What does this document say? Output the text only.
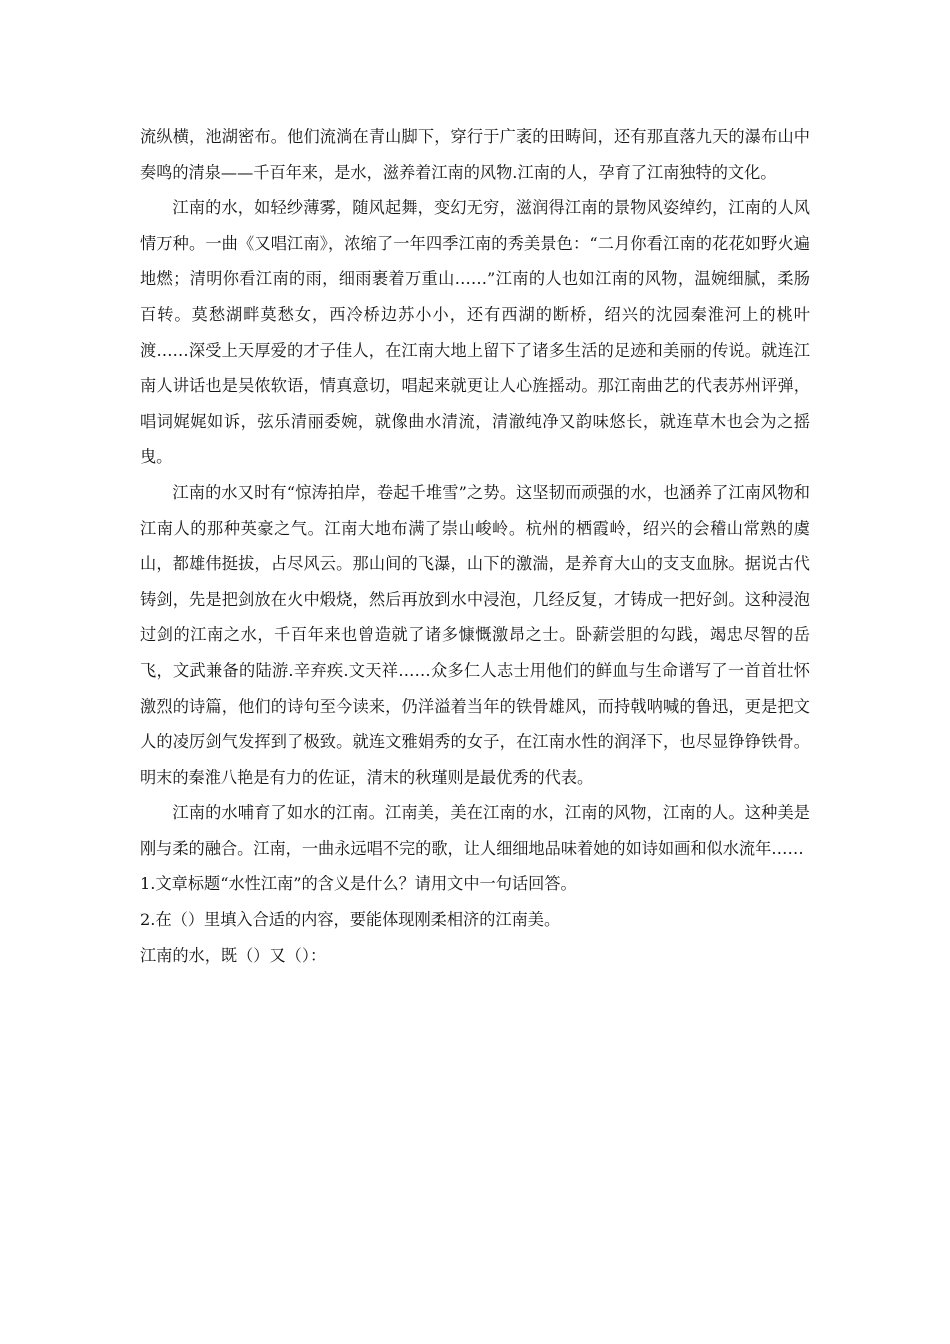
流纵横，池湖密布。他们流淌在青山脚下，穿行于广袤的田畴间，还有那直落九天的瀑布山中奏鸣的清泉——千百年来，是水，滋养着江南的风物.江南的人，孕育了江南独特的文化。

江南的水，如轻纱薄雾，随风起舞，变幻无穷，滋润得江南的景物风姿绰约，江南的人风情万种。一曲《又唱江南》，浓缩了一年四季江南的秀美景色：“二月你看江南的花花如野火遍地燃；清明你看江南的雨，细雨裹着万重山……”江南的人也如江南的风物，温婉细腻，柔肠百转。莫愁湖畔莫愁女，西冷桥边苏小小，还有西湖的断桥，绍兴的沈园秦淮河上的桃叶渡……深受上天厚爱的才子佳人，在江南大地上留下了诸多生活的足迹和美丽的传说。就连江南人讲话也是吴侬软语，情真意切，唱起来就更让人心旌摇动。那江南曲艺的代表苏州评弹，唱词娓娓如诉，弦乐清丽委婉，就像曲水清流，清澈纯净又韵味悠长，就连草木也会为之摇曳。

江南的水又时有“惊涛拍岸，卷起千堆雪”之势。这坚韧而顽强的水，也涵养了江南风物和江南人的那种英豪之气。江南大地布满了崇山峻岭。杭州的栖霞岭，绍兴的会稽山常熟的虞山，都雄伟挺拔，占尽风云。那山间的飞瀑，山下的激湍，是养育大山的支支血脉。据说古代铸剑，先是把剑放在火中煅烧，然后再放到水中浸泡，几经反复，才铸成一把好剑。这种浸泡过剑的江南之水，千百年来也曾造就了诸多慷慨激昂之士。卧薪尝胆的勾践，竭忠尽智的岳飞，文武兼备的陆游.辛弃疾.文天祥……众多仁人志士用他们的鲜血与生命谱写了一首首壮怀激烈的诗篇，他们的诗句至今读来，仍洋溢着当年的铁骨雄风，而持戟呐喊的鲁迅，更是把文人的凌厉剑气发挥到了极致。就连文雅娟秀的女子，在江南水性的润泽下，也尽显铮铮铁骨。明末的秦淮八艳是有力的佐证，清末的秋瑾则是最优秀的代表。

江南的水哺育了如水的江南。江南美，美在江南的水，江南的风物，江南的人。这种美是刚与柔的融合。江南，一曲永远唱不完的歌，让人细细地品味着她的如诗如画和似水流年……

1.文章标题“水性江南”的含义是什么？请用文中一句话回答。

2.在（）里填入合适的内容，要能体现刚柔相济的江南美。

江南的水，既（）又（）：
